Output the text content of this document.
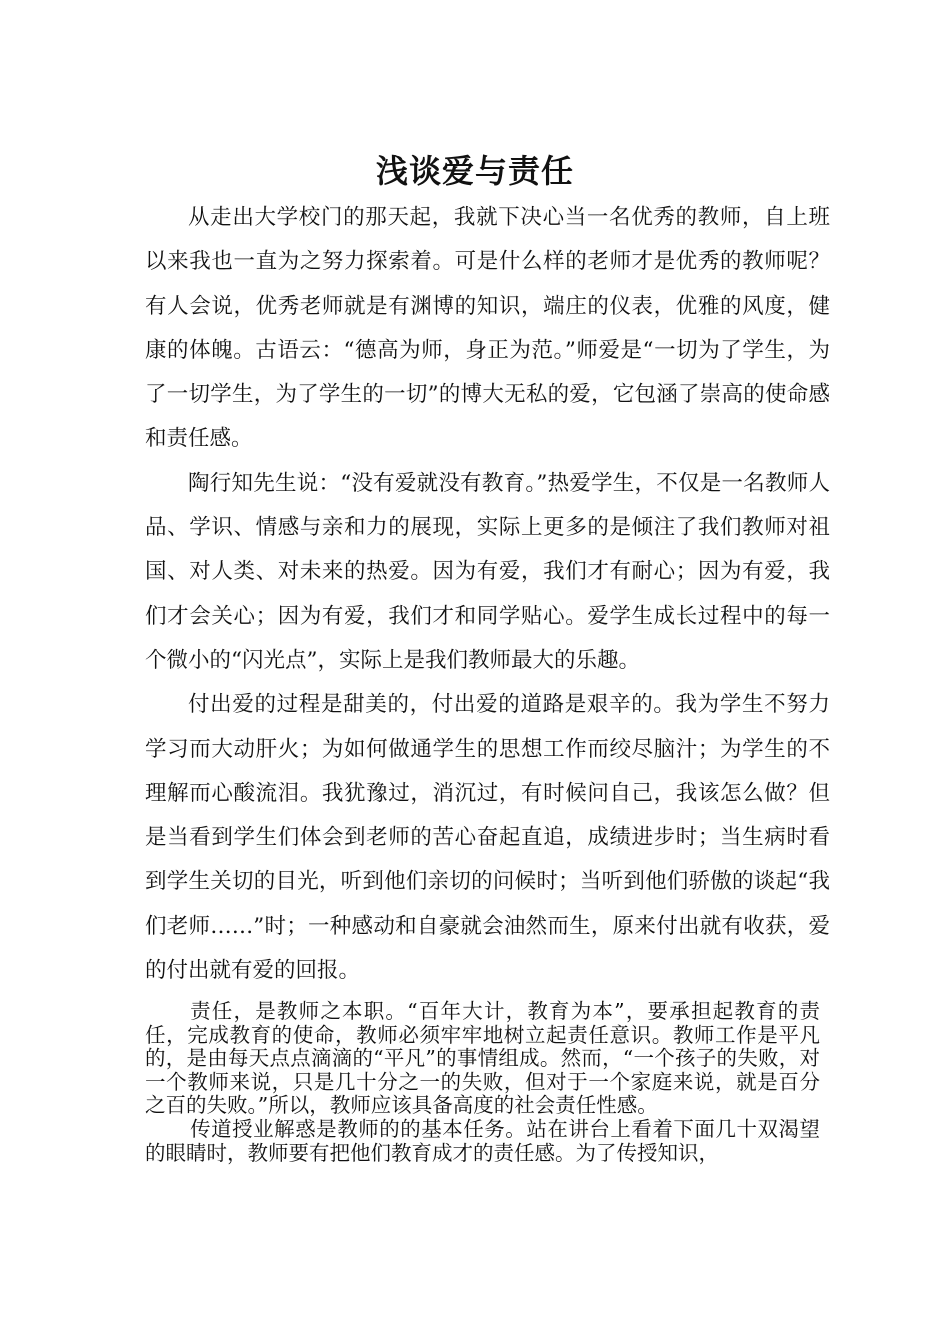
浅谈爱与责任

从走出大学校门的那天起，我就下决心当一名优秀的教师，自上班以来我也一直为之努力探索着。可是什么样的老师才是优秀的教师呢？有人会说，优秀老师就是有渊博的知识，端庄的仪表，优雅的风度，健康的体魄。古语云：“德高为师，身正为范。”师爱是“一切为了学生，为了一切学生，为了学生的一切”的博大无私的爱，它包涵了崇高的使命感和责任感。

陶行知先生说：“没有爱就没有教育。”热爱学生，不仅是一名教师人品、学识、情感与亲和力的展现，实际上更多的是倾注了我们教师对祖国、对人类、对未来的热爱。因为有爱，我们才有耐心；因为有爱，我们才会关心；因为有爱，我们才和同学贴心。爱学生成长过程中的每一个微小的“闪光点”，实际上是我们教师最大的乐趣。

付出爱的过程是甜美的，付出爱的道路是艰辛的。我为学生不努力学习而大动肝火；为如何做通学生的思想工作而绞尽脑汁；为学生的不理解而心酸流泪。我犹豫过，消沉过，有时候问自己，我该怎么做？但是当看到学生们体会到老师的苦心奋起直追，成绩进步时；当生病时看到学生关切的目光，听到他们亲切的问候时；当听到他们骄傲的谈起“我们老师……”时；一种感动和自豪就会油然而生，原来付出就有收获，爱的付出就有爱的回报。

责任，是教师之本职。“百年大计，教育为本”，要承担起教育的责任，完成教育的使命，教师必须牢牢地树立起责任意识。教师工作是平凡的，是由每天点点滴滴的“平凡”的事情组成。然而，“一个孩子的失败，对一个教师来说，只是几十分之一的失败，但对于一个家庭来说，就是百分之百的失败。”所以，教师应该具备高度的社会责任性感。

传道授业解惑是教师的的基本任务。站在讲台上看着下面几十双渴望的眼睛时，教师要有把他们教育成才的责任感。为了传授知识，
